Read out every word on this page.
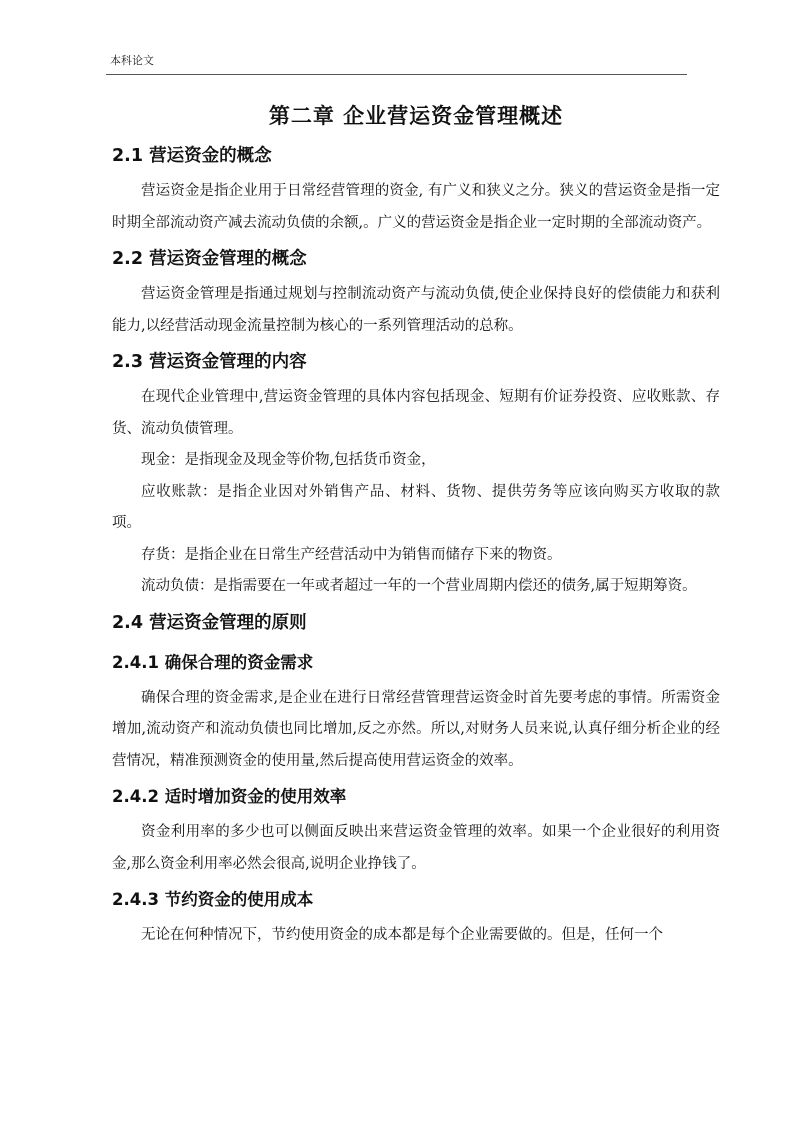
本科论文
第二章 企业营运资金管理概述
2.1 营运资金的概念

营运资金是指企业用于日常经营管理的资金, 有广义和狭义之分。狭义的营运资金是指一定时期全部流动资产减去流动负债的余额,。广义的营运资金是指企业一定时期的全部流动资产。

2.2 营运资金管理的概念

营运资金管理是指通过规划与控制流动资产与流动负债,使企业保持良好的偿债能力和获利能力,以经营活动现金流量控制为核心的一系列管理活动的总称。

2.3 营运资金管理的内容

在现代企业管理中,营运资金管理的具体内容包括现金、短期有价证券投资、应收账款、存货、流动负债管理。

现金：是指现金及现金等价物,包括货币资金，

应收账款：是指企业因对外销售产品、材料、货物、提供劳务等应该向购买方收取的款项。

存货：是指企业在日常生产经营活动中为销售而储存下来的物资。

流动负债：是指需要在一年或者超过一年的一个营业周期内偿还的债务,属于短期筹资。

2.4 营运资金管理的原则
2.4.1 确保合理的资金需求

确保合理的资金需求,是企业在进行日常经营管理营运资金时首先要考虑的事情。所需资金增加,流动资产和流动负债也同比增加,反之亦然。所以,对财务人员来说,认真仔细分析企业的经营情况，精准预测资金的使用量,然后提高使用营运资金的效率。

2.4.2 适时增加资金的使用效率

资金利用率的多少也可以侧面反映出来营运资金管理的效率。如果一个企业很好的利用资金,那么资金利用率必然会很高,说明企业挣钱了。

2.4.3 节约资金的使用成本

无论在何种情况下，节约使用资金的成本都是每个企业需要做的。但是，任何一个
